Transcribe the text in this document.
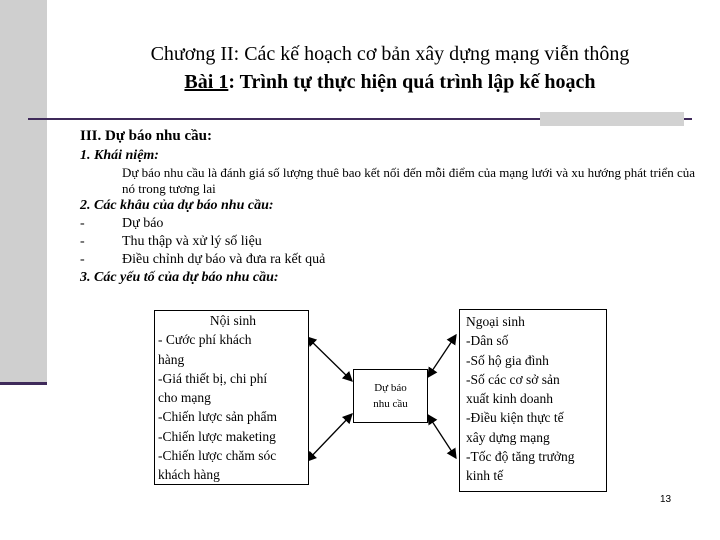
Chương II: Các kế hoạch cơ bản xây dựng mạng viễn thông
Bài 1: Trình tự thực hiện quá trình lập kế hoạch
III. Dự báo nhu cầu:
1. Khái niệm:
Dự báo nhu cầu là đánh giá số lượng thuê bao kết nối đến mỗi điểm của mạng lưới và xu hướng phát triển của nó trong tương lai
2. Các khâu của dự báo nhu cầu:
-	Dự báo
-	Thu thập và xử lý số liệu
-	Điều chỉnh dự báo và đưa ra kết quả
3. Các yếu tố của dự báo nhu cầu:
Nội sinh
- Cước phí khách
hàng
-Giá thiết bị, chi phí
cho mạng
-Chiến lược sản phẩm
-Chiến lược maketing
-Chiến lược chăm sóc
khách hàng
Dự báo
nhu cầu
Ngoại sinh
-Dân số
-Số hộ gia đình
-Số các cơ sở sản
xuất kinh doanh
-Điều kiện thực tế
xây dựng mạng
-Tốc độ tăng trưởng
kinh tế
13
